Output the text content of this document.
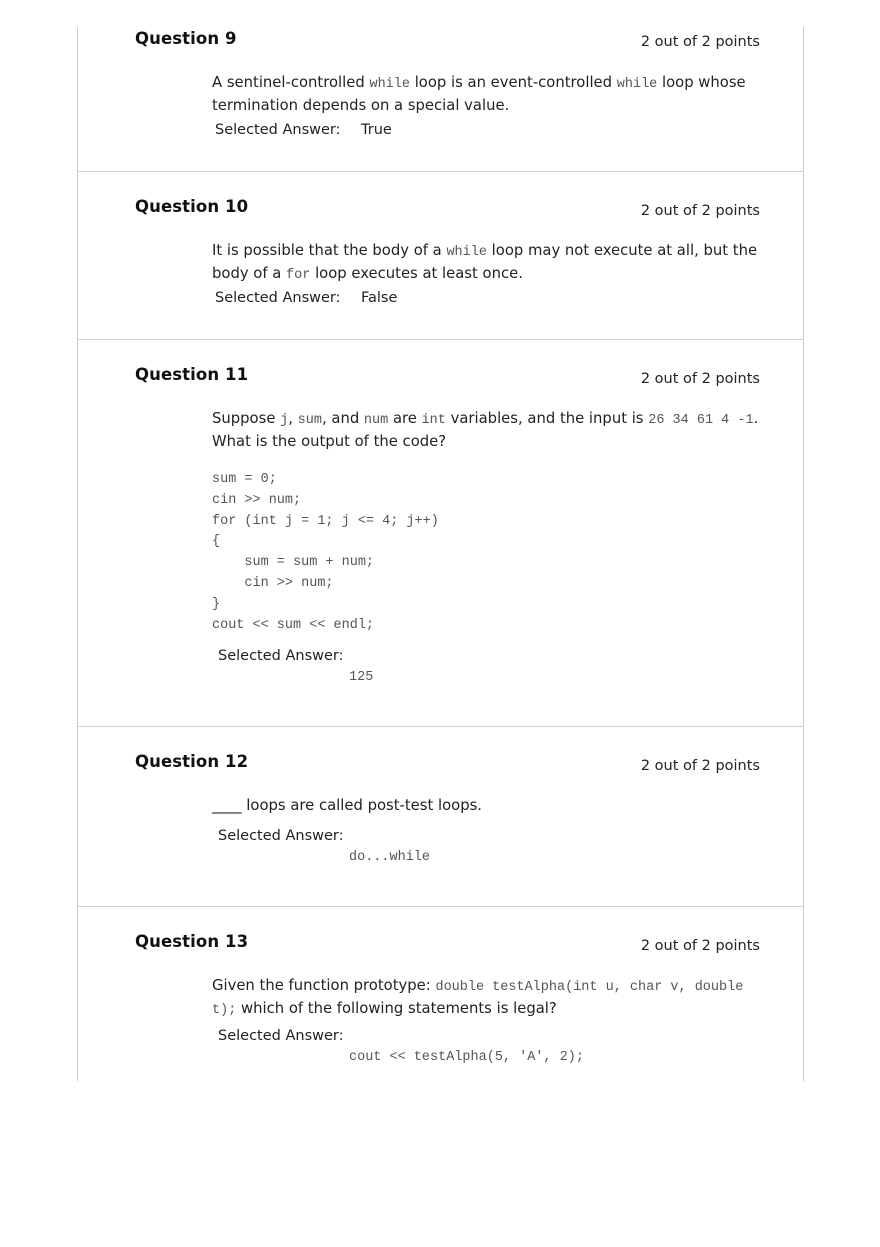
Question 9	2 out of 2 points
A sentinel-controlled while loop is an event-controlled while loop whose termination depends on a special value.
Selected Answer: True
Question 10	2 out of 2 points
It is possible that the body of a while loop may not execute at all, but the body of a for loop executes at least once.
Selected Answer: False
Question 11	2 out of 2 points
Suppose j, sum, and num are int variables, and the input is 26 34 61 4 -1. What is the output of the code?
sum = 0;
cin >> num;
for (int j = 1; j <= 4; j++)
{
sum = sum + num;
cin >> num;
}
cout << sum << endl;
Selected Answer:
125
Question 12	2 out of 2 points
____ loops are called post-test loops.
Selected Answer:
do...while
Question 13	2 out of 2 points
Given the function prototype: double testAlpha(int u, char v, double t); which of the following statements is legal?
Selected Answer:
cout << testAlpha(5, 'A', 2);
